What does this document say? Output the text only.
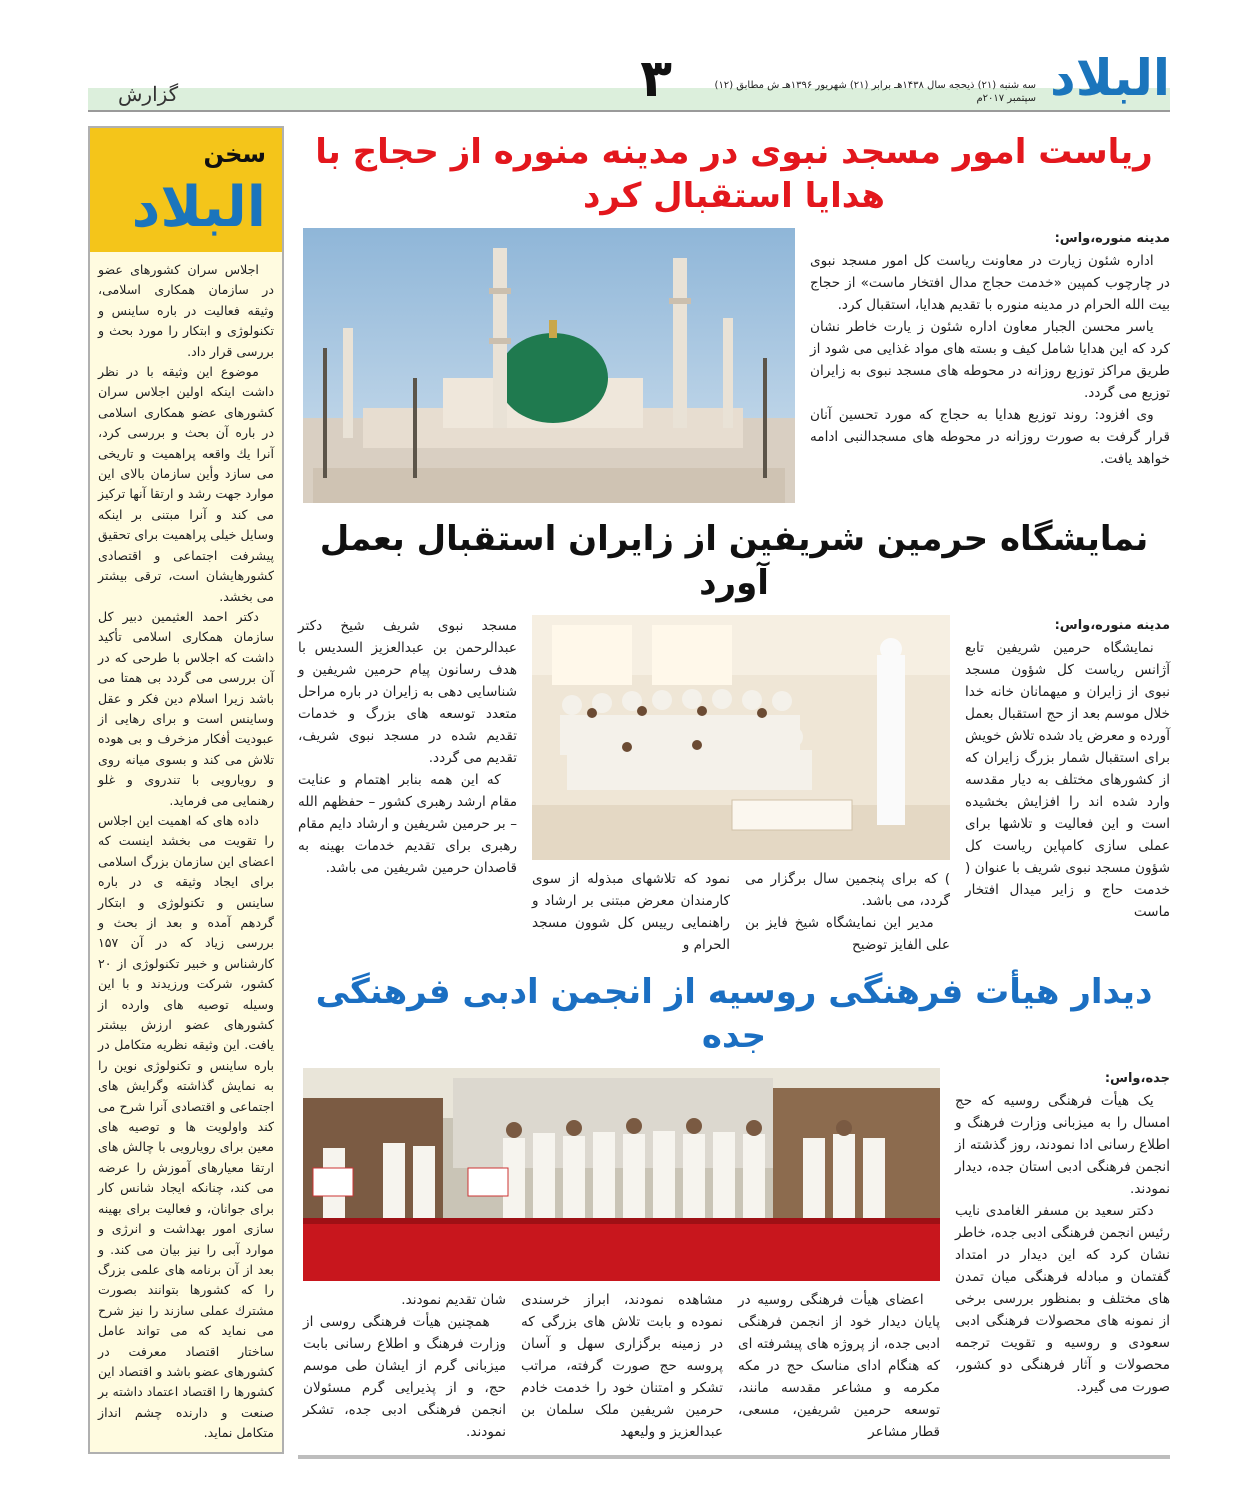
البلاد
سه شنبه (۲۱) ذیحجه سال ۱۴۳۸هـ برابر (۲۱) شهریور ۱۳۹۶هـ ش مطابق (۱۲) سپتمبر ۲۰۱۷م
۳
گزارش
ریاست امور مسجد نبوی در مدینه منوره از حجاج با هدایا استقبال کرد

مدینه منوره،واس:

اداره شئون زیارت در معاونت ریاست کل امور مسجد نبوی در چارچوب کمپین «خدمت حجاج مدال افتخار ماست» از حجاج بیت الله الحرام در مدینه منوره با تقدیم هدایا، استقبال کرد.

یاسر محسن الجبار معاون اداره شئون ز یارت خاطر نشان کرد که این هدایا شامل کیف و بسته های مواد غذایی می شود از طریق مراکز توزیع روزانه در محوطه های مسجد نبوی به زایران توزیع می گردد.

وی افزود: روند توزیع هدایا به حجاج که مورد تحسین آنان قرار گرفت به صورت روزانه در محوطه های مسجدالنبی ادامه خواهد یافت.

نمایشگاه حرمین شریفین از زایران استقبال بعمل آورد

مدینه منوره،واس:

نمایشگاه حرمین شریفین تابع آژانس ریاست کل شؤون مسجد نبوی از زایران و میهمانان خانه خدا خلال موسم بعد از حج استقبال بعمل آورده و معرض یاد شده تلاش خویش برای استقبال شمار بزرگ زایران که از کشورهای مختلف به دیار مقدسه وارد شده اند را افزایش بخشیده است و این فعالیت و تلاشها برای عملی سازی کامپاین ریاست کل شؤون مسجد نبوی شریف با عنوان ( خدمت حاج و زایر میدال افتخار ماست

) که برای پنجمین سال برگزار می گردد، می باشد.

مدیر این نمایشگاه شیخ فایز بن علی الفایز توضیح

نمود که تلاشهای مبذوله از سوی کارمندان معرض مبتنی بر ارشاد و راهنمایی رییس کل شوون مسجد الحرام و

مسجد نبوی شریف شیخ دکتر عبدالرحمن بن عبدالعزیز السدیس با هدف رسانون پیام حرمین شریفین و شناسایی دهی به زایران در باره مراحل متعدد توسعه های بزرگ و خدمات تقدیم شده در مسجد نبوی شریف، تقدیم می گردد.

که این همه بنابر اهتمام و عنایت مقام ارشد رهبری کشور – حفظهم الله – بر حرمین شریفین و ارشاد دایم مقام رهبری برای تقدیم خدمات بهینه به قاصدان حرمین شریفین می باشد.

دیدار هیأت فرهنگی روسیه از انجمن ادبی فرهنگی جده

جده،واس:

یک هیأت فرهنگی روسیه که حج امسال را به میزبانی وزارت فرهنگ و اطلاع رسانی ادا نمودند، روز گذشته از انجمن فرهنگی ادبی استان جده، دیدار نمودند.

دکتر سعید بن مسفر الغامدی نایب رئیس انجمن فرهنگی ادبی جده، خاطر نشان کرد که این دیدار در امتداد گفتمان و مبادله فرهنگی میان تمدن های مختلف و بمنظور بررسی برخی از نمونه های محصولات فرهنگی ادبی سعودی و روسیه و تقویت ترجمه محصولات و آثار فرهنگی دو کشور، صورت می گیرد.

اعضای هیأت فرهنگی روسیه در پایان دیدار خود از انجمن فرهنگی ادبی جده، از پروژه های پیشرفته ای که هنگام ادای مناسک حج در مکه مکرمه و مشاعر مقدسه مانند، توسعه حرمین شریفین، مسعی، قطار مشاعر

مشاهده نمودند، ابراز خرسندی نموده و بابت تلاش های بزرگی که در زمینه برگزاری سهل و آسان پروسه حج صورت گرفته، مراتب تشکر و امتنان خود را خدمت خادم حرمین شریفین ملک سلمان بن عبدالعزیز و ولیعهد

شان تقدیم نمودند.

همچنین هیأت فرهنگی روسی از وزارت فرهنگ و اطلاع رسانی بابت میزبانی گرم از ایشان طی موسم حج، و از پذیرایی گرم مسئولان انجمن فرهنگی ادبی جده، تشکر نمودند.

سخن
البلاد

اجلاس سران کشورهای عضو در سازمان همکاری اسلامی، وثیقه فعالیت در باره ساینس و تکنولوژی و ابتکار را مورد بحث و بررسی قرار داد.

موضوع این وثیقه با در نظر داشت اینکه اولین اجلاس سران کشورهای عضو همکاری اسلامی در باره آن بحث و بررسی کرد، آنرا یك واقعه پراهمیت و تاریخی می سازد وأین سازمان بالای این موارد جهت رشد و ارتقا آنها ترکیز می کند و آنرا مبتنی بر اینکه وسایل خیلی پراهمیت برای تحقیق پیشرفت اجتماعی و اقتصادی کشورهایشان است، ترقی بیشتر می بخشد.

دکتر احمد العثیمین دبیر کل سازمان همکاری اسلامی تأکید داشت که اجلاس با طرحی که در آن بررسی می گردد بی همتا می باشد زیرا اسلام دین فکر و عقل وساینس است و برای رهایی از عبودیت أفکار مزخرف و بی هوده تلاش می کند و بسوی میانه روی و رویارویی با تندروی و غلو رهنمایی می فرماید.

داده های که اهمیت این اجلاس را تقویت می بخشد اینست که اعضای این سازمان بزرگ اسلامی برای ایجاد وثیقه ی در باره ساینس و تکنولوژی و ابتکار گردهم آمده و بعد از بحث و بررسی زیاد که در آن ۱۵۷ کارشناس و خبیر تکنولوژی از ۲۰ کشور، شرکت ورزیدند و با این وسیله توصیه های وارده از کشورهای عضو ارزش بیشتر یافت. این وثیقه نظریه متکامل در باره ساینس و تکنولوژی نوین را به نمایش گذاشته وگرایش های اجتماعی و اقتصادی آنرا شرح می کند واولویت ها و توصیه های معین برای رویارویی با چالش های ارتقا معیارهای آموزش را عرضه می کند، چنانکه ایجاد شانس کار برای جوانان، و فعالیت برای بهینه سازی امور بهداشت و انرژی و موارد آبی را نیز بیان می کند. و بعد از آن برنامه های علمی بزرگ را که کشورها بتوانند بصورت مشترك عملی سازند را نیز شرح می نماید که می تواند عامل ساختار اقتصاد معرفت در کشورهای عضو باشد و اقتصاد این کشورها را اقتصاد اعتماد داشته بر صنعت و دارنده چشم انداز متکامل نماید.
